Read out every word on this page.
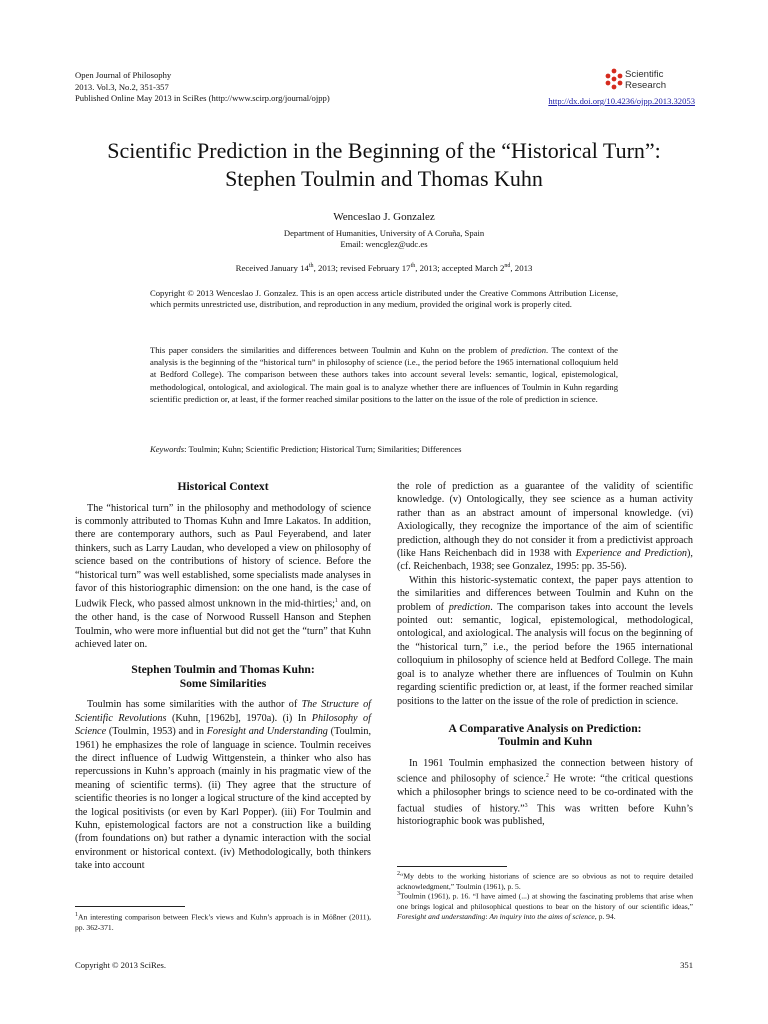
Open Journal of Philosophy
2013. Vol.3, No.2, 351-357
Published Online May 2013 in SciRes (http://www.scirp.org/journal/ojpp)
Scientific
Research
http://dx.doi.org/10.4236/ojpp.2013.32053
Scientific Prediction in the Beginning of the “Historical Turn”:
Stephen Toulmin and Thomas Kuhn
Wenceslao J. Gonzalez
Department of Humanities, University of A Coruña, Spain
Email: wencglez@udc.es
Received January 14th, 2013; revised February 17th, 2013; accepted March 2nd, 2013
Copyright © 2013 Wenceslao J. Gonzalez. This is an open access article distributed under the Creative Commons Attribution License, which permits unrestricted use, distribution, and reproduction in any medium, provided the original work is properly cited.
This paper considers the similarities and differences between Toulmin and Kuhn on the problem of prediction. The context of the analysis is the beginning of the “historical turn” in philosophy of science (i.e., the period before the 1965 international colloquium held at Bedford College). The comparison between these authors takes into account several levels: semantic, logical, epistemological, methodological, ontological, and axiological. The main goal is to analyze whether there are influences of Toulmin in Kuhn regarding scientific prediction or, at least, if the former reached similar positions to the latter on the issue of the role of prediction in science.
Keywords: Toulmin; Kuhn; Scientific Prediction; Historical Turn; Similarities; Differences
Historical Context

The “historical turn” in the philosophy and methodology of science is commonly attributed to Thomas Kuhn and Imre Lakatos. In addition, there are contemporary authors, such as Paul Feyerabend, and later thinkers, such as Larry Laudan, who developed a view on philosophy of science based on the contributions of history of science. Before the “historical turn” was well established, some specialists made analyses in favor of this historiographic dimension: on the one hand, is the case of Ludwik Fleck, who passed almost unknown in the mid-thirties;$^1$ and, on the other hand, is the case of Norwood Russell Hanson and Stephen Toulmin, who were more influential but did not get the “turn” that Kuhn achieved later on.

Stephen Toulmin and Thomas Kuhn:
Some Similarities

Toulmin has some similarities with the author of The Structure of Scientific Revolutions (Kuhn, [1962b], 1970a). (i) In Philosophy of Science (Toulmin, 1953) and in Foresight and Understanding (Toulmin, 1961) he emphasizes the role of language in science. Toulmin receives the direct influence of Ludwig Wittgenstein, a thinker who also has repercussions in Kuhn’s approach (mainly in his pragmatic view of the meaning of scientific terms). (ii) They agree that the structure of scientific theories is no longer a logical structure of the kind accepted by the logical positivists (or even by Karl Popper). (iii) For Toulmin and Kuhn, epistemological factors are not a construction like a building (from foundations on) but rather a dynamic interaction with the social environment or historical context. (iv) Methodologically, both thinkers take into account

$^1$An interesting comparison between Fleck’s views and Kuhn’s approach is in Mößner (2011), pp. 362-371.

the role of prediction as a guarantee of the validity of scientific knowledge. (v) Ontologically, they see science as a human activity rather than as an abstract amount of impersonal knowledge. (vi) Axiologically, they recognize the importance of the aim of scientific prediction, although they do not consider it from a predictivist approach (like Hans Reichenbach did in 1938 with Experience and Prediction), (cf. Reichenbach, 1938; see Gonzalez, 1995: pp. 35-56).

Within this historic-systematic context, the paper pays attention to the similarities and differences between Toulmin and Kuhn on the problem of prediction. The comparison takes into account the levels pointed out: semantic, logical, epistemological, methodological, ontological, and axiological. The analysis will focus on the beginning of the “historical turn,” i.e., the period before the 1965 international colloquium in philosophy of science held at Bedford College. The main goal is to analyze whether there are influences of Toulmin on Kuhn regarding scientific prediction or, at least, if the former reached similar positions to the latter on the issue of the role of prediction in science.

A Comparative Analysis on Prediction:
Toulmin and Kuhn

In 1961 Toulmin emphasized the connection between history of science and philosophy of science.$^2$ He wrote: “the critical questions which a philosopher brings to science need to be co-ordinated with the factual studies of history.”$^3$ This was written before Kuhn’s historiographic book was published,

$^2$“My debts to the working historians of science are so obvious as not to require detailed acknowledgment,” Toulmin (1961), p. 5.
$^3$Toulmin (1961), p. 16. “I have aimed (...) at showing the fascinating problems that arise when one brings logical and philosophical questions to bear on the history of our scientific ideas,” Foresight and understanding: An inquiry into the aims of science, p. 94.
Copyright © 2013 SciRes.	351
